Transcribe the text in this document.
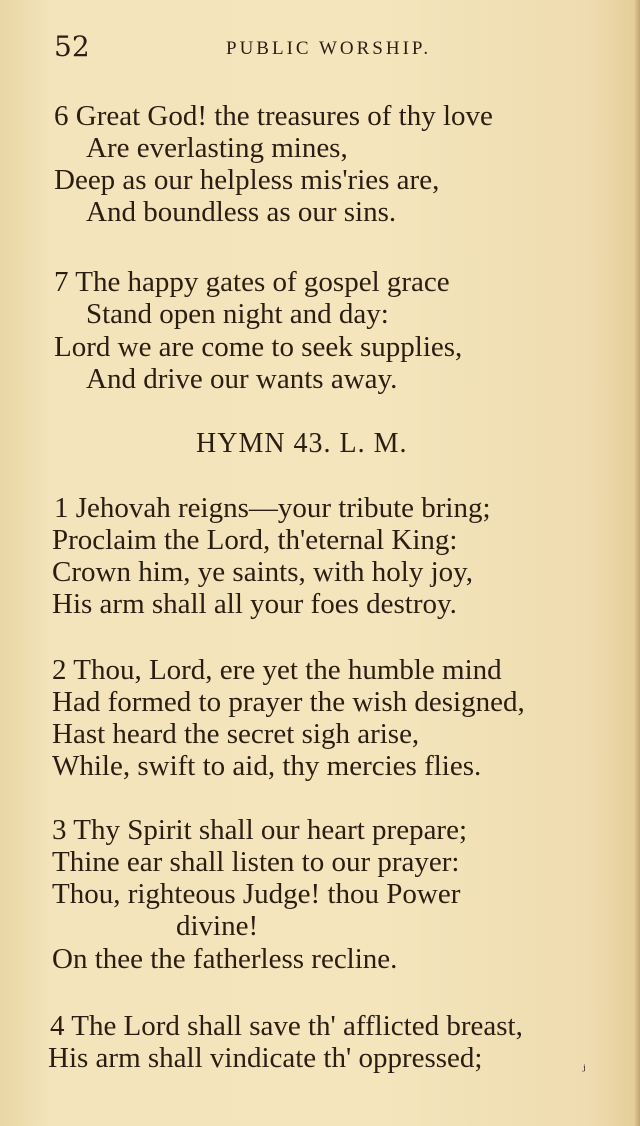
52	PUBLIC WORSHIP.
6 Great God! the treasures of thy love
Are everlasting mines,
Deep as our helpless mis'ries are,
And boundless as our sins.
7 The happy gates of gospel grace
Stand open night and day:
Lord we are come to seek supplies,
And drive our wants away.
HYMN 43. L. M.
1 Jehovah reigns—your tribute bring;
Proclaim the Lord, th'eternal King:
Crown him, ye saints, with holy joy,
His arm shall all your foes destroy.
2 Thou, Lord, ere yet the humble mind
Had formed to prayer the wish designed,
Hast heard the secret sigh arise,
While, swift to aid, thy mercies flies.
3 Thy Spirit shall our heart prepare;
Thine ear shall listen to our prayer:
Thou, righteous Judge! thou Power
divine!
On thee the fatherless recline.
4 The Lord shall save th' afflicted breast,
His arm shall vindicate th' oppressed;	ⱼ
